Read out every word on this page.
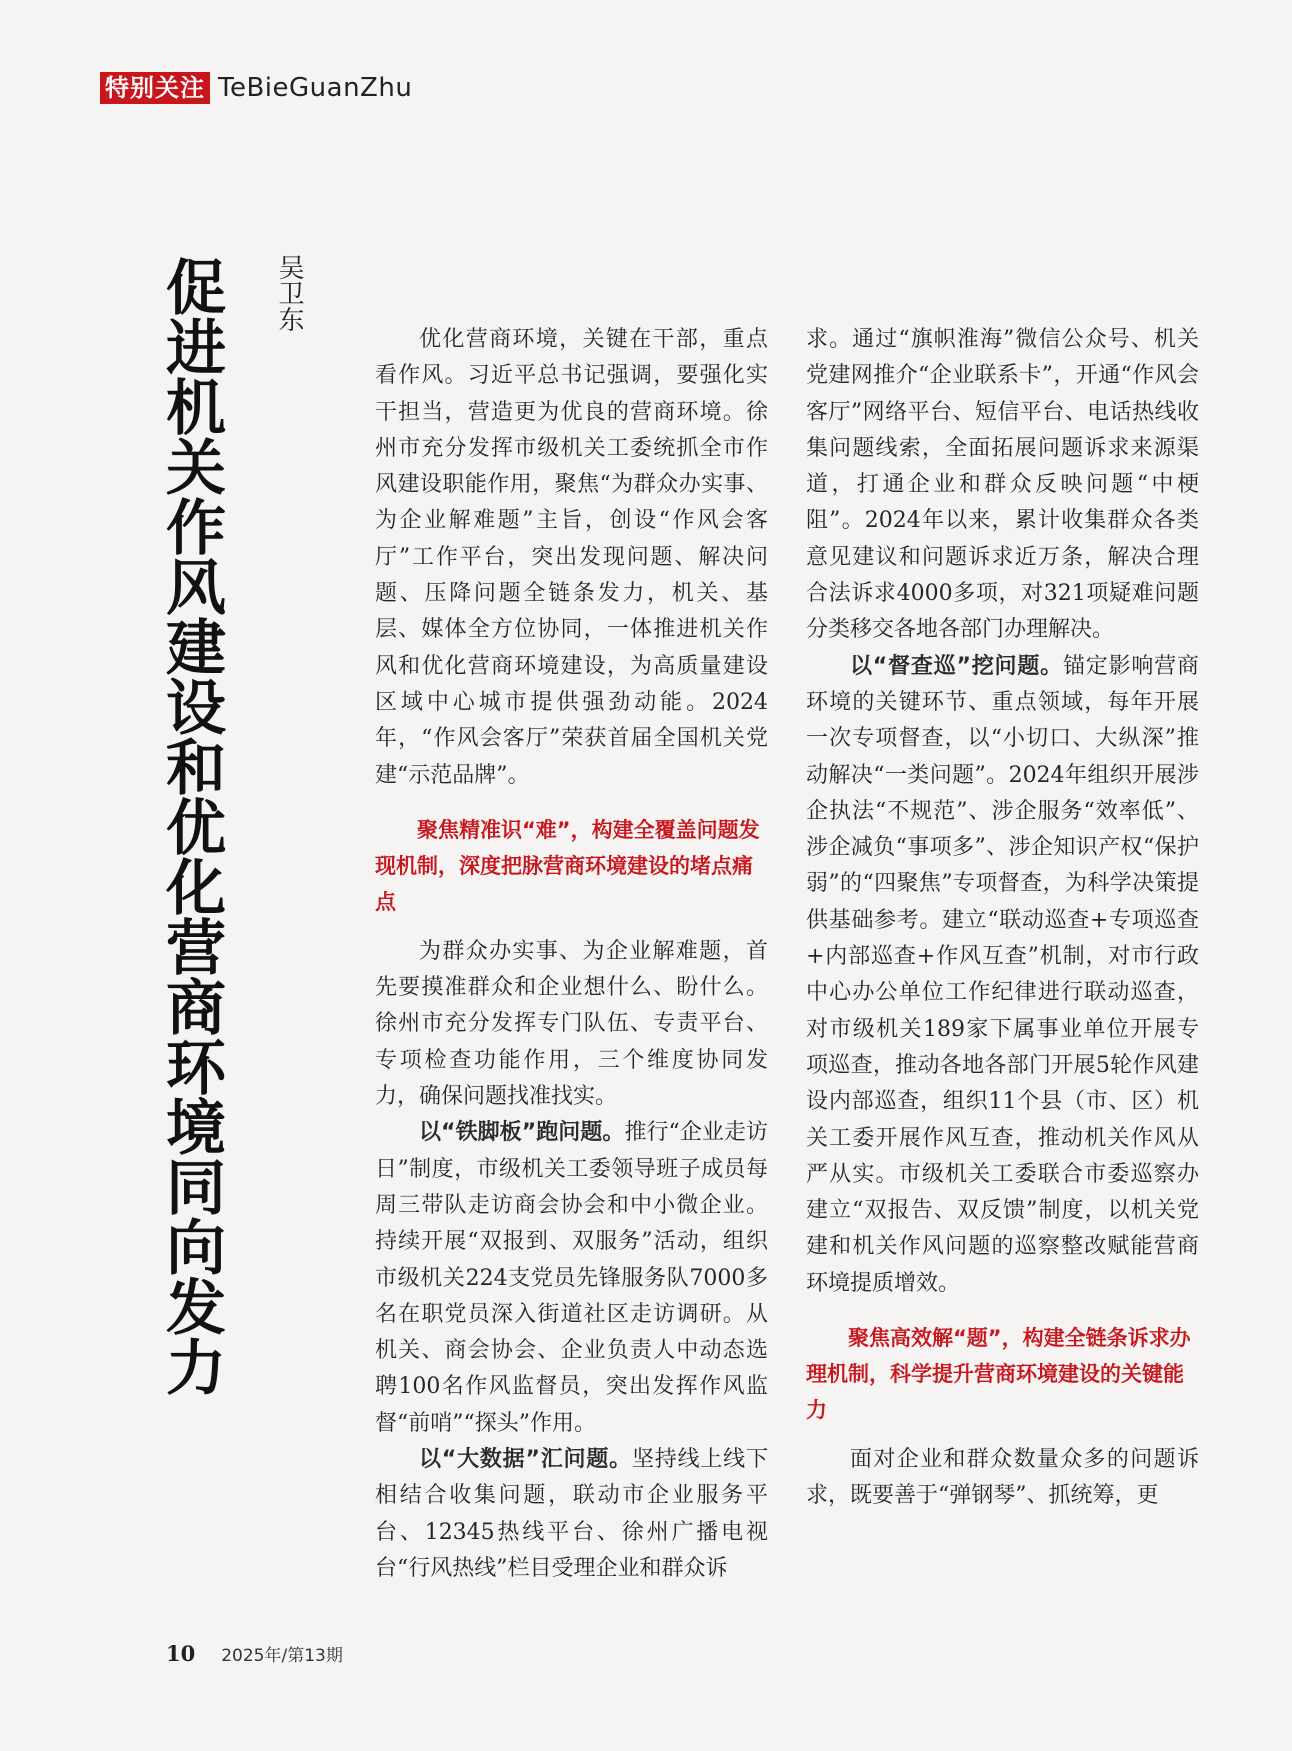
特别关注 TeBieGuanZhu
促进机关作风建设和优化营商环境同向发力 吴卫东

优化营商环境，关键在干部，重点看作风。习近平总书记强调，要强化实干担当，营造更为优良的营商环境。徐州市充分发挥市级机关工委统抓全市作风建设职能作用，聚焦“为群众办实事、为企业解难题”主旨，创设“作风会客厅”工作平台，突出发现问题、解决问题、压降问题全链条发力，机关、基层、媒体全方位协同，一体推进机关作风和优化营商环境建设，为高质量建设区域中心城市提供强劲动能。2024年，“作风会客厅”荣获首届全国机关党建“示范品牌”。

聚焦精准识“难”，构建全覆盖问题发现机制，深度把脉营商环境建设的堵点痛点

为群众办实事、为企业解难题，首先要摸准群众和企业想什么、盼什么。徐州市充分发挥专门队伍、专责平台、专项检查功能作用，三个维度协同发力，确保问题找准找实。

以“铁脚板”跑问题。推行“企业走访日”制度，市级机关工委领导班子成员每周三带队走访商会协会和中小微企业。持续开展“双报到、双服务”活动，组织市级机关224支党员先锋服务队7000多名在职党员深入街道社区走访调研。从机关、商会协会、企业负责人中动态选聘100名作风监督员，突出发挥作风监督“前哨”“探头”作用。

以“大数据”汇问题。坚持线上线下相结合收集问题，联动市企业服务平台、12345热线平台、徐州广播电视台“行风热线”栏目受理企业和群众诉

求。通过“旗帜淮海”微信公众号、机关党建网推介“企业联系卡”，开通“作风会客厅”网络平台、短信平台、电话热线收集问题线索，全面拓展问题诉求来源渠道，打通企业和群众反映问题“中梗阻”。2024年以来，累计收集群众各类意见建议和问题诉求近万条，解决合理合法诉求4000多项，对321项疑难问题分类移交各地各部门办理解决。

以“督查巡”挖问题。锚定影响营商环境的关键环节、重点领域，每年开展一次专项督查，以“小切口、大纵深”推动解决“一类问题”。2024年组织开展涉企执法“不规范”、涉企服务“效率低”、涉企减负“事项多”、涉企知识产权“保护弱”的“四聚焦”专项督查，为科学决策提供基础参考。建立“联动巡查+专项巡查+内部巡查+作风互查”机制，对市行政中心办公单位工作纪律进行联动巡查，对市级机关189家下属事业单位开展专项巡查，推动各地各部门开展5轮作风建设内部巡查，组织11个县（市、区）机关工委开展作风互查，推动机关作风从严从实。市级机关工委联合市委巡察办建立“双报告、双反馈”制度，以机关党建和机关作风问题的巡察整改赋能营商环境提质增效。

聚焦高效解“题”，构建全链条诉求办理机制，科学提升营商环境建设的关键能力

面对企业和群众数量众多的问题诉求，既要善于“弹钢琴”、抓统筹，更

10 2025年/第13期
